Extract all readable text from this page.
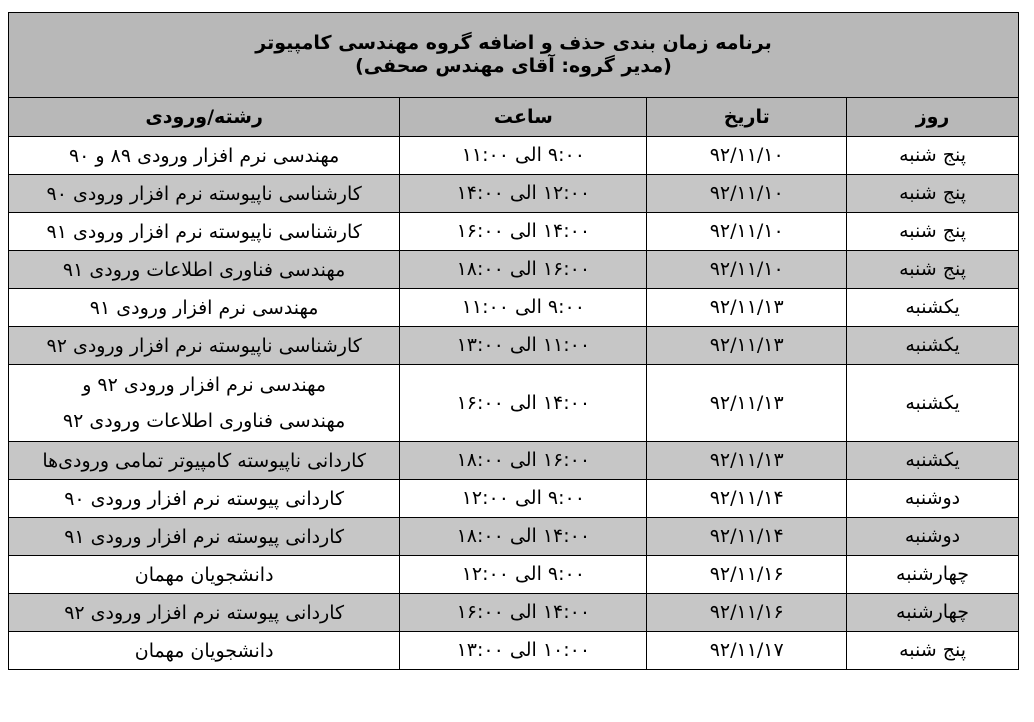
برنامه زمان بندی حذف و اضافه گروه مهندسی کامپیوتر
(مدیر گروه: آقای مهندس صحفی)			

روز	تاریخ	ساعت	رشته/ورودی
پنج شنبه	۹۲/۱۱/۱۰	۹:۰۰ الی ۱۱:۰۰	مهندسی نرم افزار ورودی ۸۹ و ۹۰

پنج شنبه	۹۲/۱۱/۱۰	۱۲:۰۰ الی ۱۴:۰۰	کارشناسی ناپیوسته نرم افزار ورودی ۹۰

پنج شنبه	۹۲/۱۱/۱۰	۱۴:۰۰ الی ۱۶:۰۰	کارشناسی ناپیوسته نرم افزار ورودی ۹۱

پنج شنبه	۹۲/۱۱/۱۰	۱۶:۰۰ الی ۱۸:۰۰	مهندسی فناوری اطلاعات ورودی ۹۱

یکشنبه	۹۲/۱۱/۱۳	۹:۰۰ الی ۱۱:۰۰	مهندسی نرم افزار ورودی ۹۱

یکشنبه	۹۲/۱۱/۱۳	۱۱:۰۰ الی ۱۳:۰۰	کارشناسی ناپیوسته نرم افزار ورودی ۹۲

یکشنبه	۹۲/۱۱/۱۳	۱۴:۰۰ الی ۱۶:۰۰	مهندسی نرم افزار ورودی ۹۲ و
مهندسی فناوری اطلاعات ورودی ۹۲

یکشنبه	۹۲/۱۱/۱۳	۱۶:۰۰ الی ۱۸:۰۰	کاردانی ناپیوسته کامپیوتر تمامی ورودی‌ها

دوشنبه	۹۲/۱۱/۱۴	۹:۰۰ الی ۱۲:۰۰	کاردانی پیوسته نرم افزار ورودی ۹۰

دوشنبه	۹۲/۱۱/۱۴	۱۴:۰۰ الی ۱۸:۰۰	کاردانی پیوسته نرم افزار ورودی ۹۱

چهارشنبه	۹۲/۱۱/۱۶	۹:۰۰ الی ۱۲:۰۰	دانشجویان مهمان

چهارشنبه	۹۲/۱۱/۱۶	۱۴:۰۰ الی ۱۶:۰۰	کاردانی پیوسته نرم افزار ورودی ۹۲

پنج شنبه	۹۲/۱۱/۱۷	۱۰:۰۰ الی ۱۳:۰۰	دانشجویان مهمان
